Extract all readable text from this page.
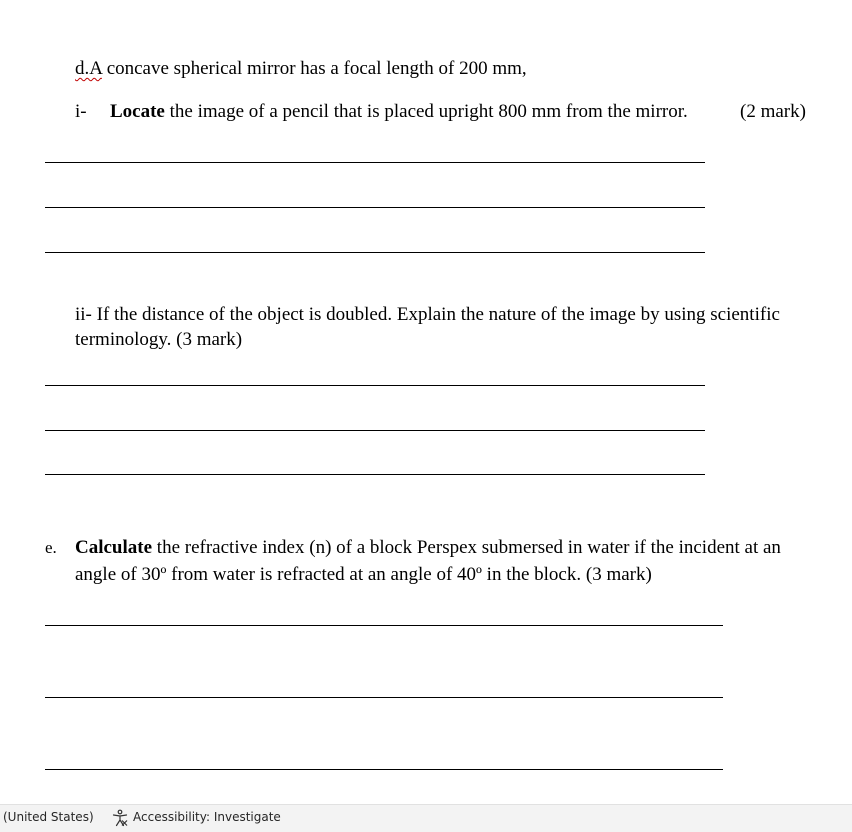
d.A concave spherical mirror has a focal length of 200 mm,
i- Locate the image of a pencil that is placed upright 800 mm from the mirror.	(2 mark)
ii- If the distance of the object is doubled. Explain the nature of the image by using scientific
terminology. (3 mark)
e. Calculate the refractive index (n) of a block Perspex submersed in water if the incident at an
angle of 30º from water is refracted at an angle of 40º in the block. (3 mark)
(United States)	Accessibility: Investigate
